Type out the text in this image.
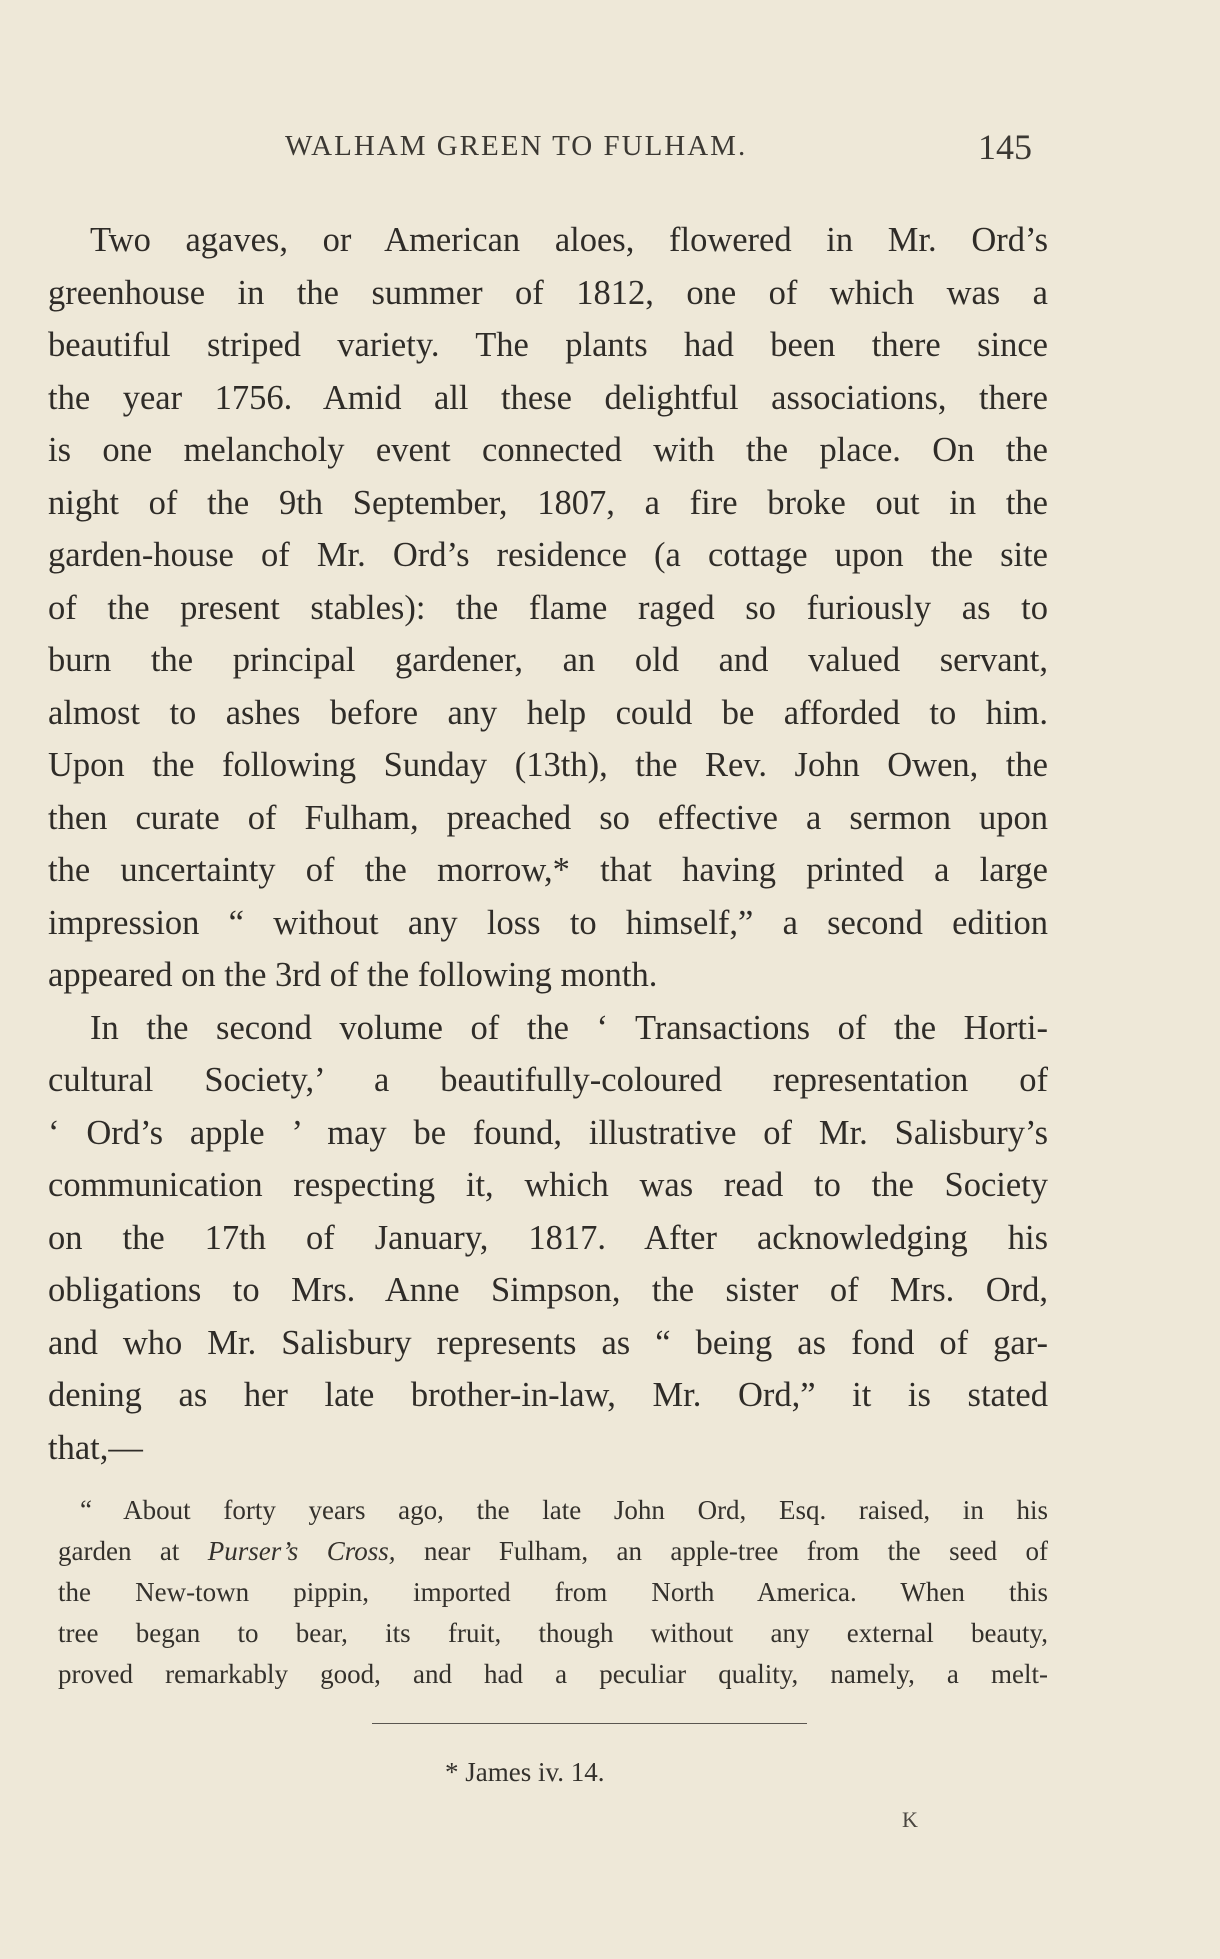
WALHAM GREEN TO FULHAM.	145

Two agaves, or American aloes, flowered in Mr. Ord’s
greenhouse in the summer of 1812, one of which was a
beautiful striped variety. The plants had been there since
the year 1756. Amid all these delightful associations, there
is one melancholy event connected with the place. On the
night of the 9th September, 1807, a fire broke out in the
garden-house of Mr. Ord’s residence (a cottage upon the site
of the present stables): the flame raged so furiously as to
burn the principal gardener, an old and valued servant,
almost to ashes before any help could be afforded to him.
Upon the following Sunday (13th), the Rev. John Owen, the
then curate of Fulham, preached so effective a sermon upon
the uncertainty of the morrow,* that having printed a large
impression “ without any loss to himself,” a second edition
appeared on the 3rd of the following month.

In the second volume of the ‘ Transactions of the Horti-
cultural Society,’ a beautifully-coloured representation of
‘ Ord’s apple ’ may be found, illustrative of Mr. Salisbury’s
communication respecting it, which was read to the Society
on the 17th of January, 1817. After acknowledging his
obligations to Mrs. Anne Simpson, the sister of Mrs. Ord,
and who Mr. Salisbury represents as “ being as fond of gar-
dening as her late brother-in-law, Mr. Ord,” it is stated
that,—

“ About forty years ago, the late John Ord, Esq. raised, in his
garden at Purser’s Cross, near Fulham, an apple-tree from the seed of
the New-town pippin, imported from North America. When this
tree began to bear, its fruit, though without any external beauty,
proved remarkably good, and had a peculiar quality, namely, a melt-
* James iv. 14.
K
